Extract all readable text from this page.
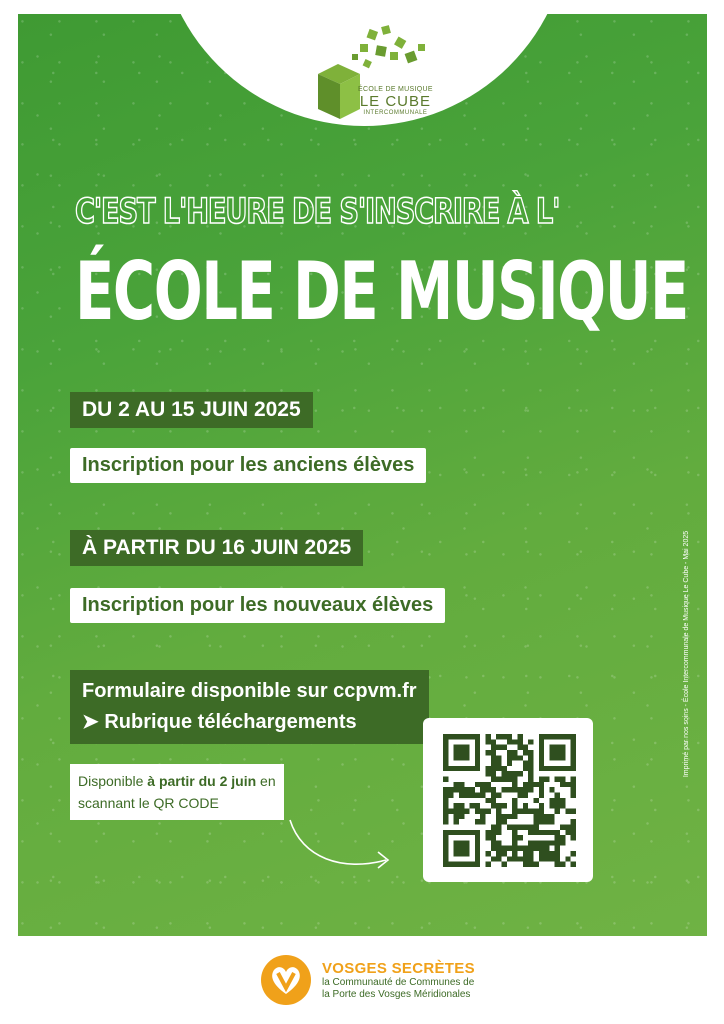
ÉCOLE DE MUSIQUE
LE CUBE
INTERCOMMUNALE
C'EST L'HEURE DE S'INSCRIRE À L'
ÉCOLE DE MUSIQUE
DU 2 AU 15 JUIN 2025
Inscription pour les anciens élèves
À PARTIR DU 16 JUIN 2025
Inscription pour les nouveaux élèves
Formulaire disponible sur ccpvm.fr
➤ Rubrique téléchargements
Disponible à partir du 2 juin en
scannant le QR CODE
Imprimé par nos soins - École Intercommunale de Musique Le Cube - Mai 2025
VOSGES SECRÈTES
la Communauté de Communes de
la Porte des Vosges Méridionales
